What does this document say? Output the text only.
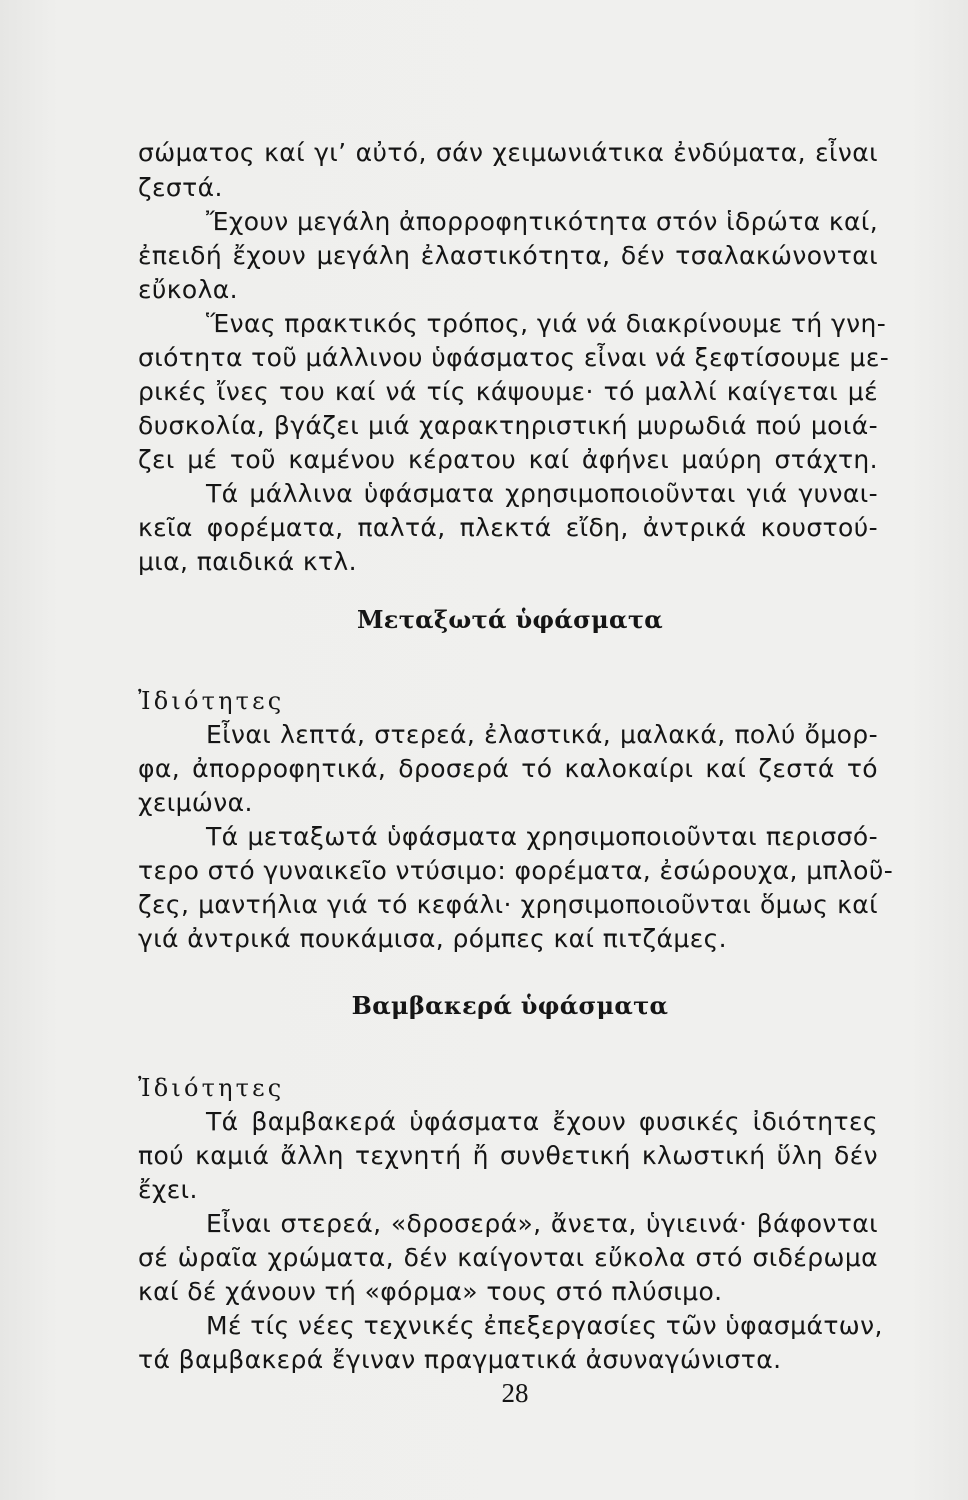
σώματος καί γι’ αὐτό, σάν χειμωνιάτικα ἐνδύματα, εἶναι
ζεστά.
Ἔχουν μεγάλη ἀπορροφητικότητα στόν ἱδρώτα καί,
ἐπειδή ἔχουν μεγάλη ἐλαστικότητα, δέν τσαλακώνονται
εὔκολα.
Ἕνας πρακτικός τρόπος, γιά νά διακρίνουμε τή γνη-
σιότητα τοῦ μάλλινου ὑφάσματος εἶναι νά ξεφτίσουμε με-
ρικές ἴνες του καί νά τίς κάψουμε· τό μαλλί καίγεται μέ
δυσκολία, βγάζει μιά χαρακτηριστική μυρωδιά πού μοιά-
ζει μέ τοῦ καμένου κέρατου καί ἀφήνει μαύρη στάχτη.
Τά μάλλινα ὑφάσματα χρησιμοποιοῦνται γιά γυναι-
κεῖα φορέματα, παλτά, πλεκτά εἴδη, ἀντρικά κουστού-
μια, παιδικά κτλ.
Μεταξωτά ὑφάσματα
Ἰδιότητες
Εἶναι λεπτά, στερεά, ἐλαστικά, μαλακά, πολύ ὄμορ-
φα, ἀπορροφητικά, δροσερά τό καλοκαίρι καί ζεστά τό
χειμώνα.
Τά μεταξωτά ὑφάσματα χρησιμοποιοῦνται περισσό-
τερο στό γυναικεῖο ντύσιμο: φορέματα, ἐσώρουχα, μπλοῦ-
ζες, μαντήλια γιά τό κεφάλι· χρησιμοποιοῦνται ὅμως καί
γιά ἀντρικά πουκάμισα, ρόμπες καί πιτζάμες.
Βαμβακερά ὑφάσματα
Ἰδιότητες
Τά βαμβακερά ὑφάσματα ἔχουν φυσικές ἰδιότητες
πού καμιά ἄλλη τεχνητή ἤ συνθετική κλωστική ὕλη δέν
ἔχει.
Εἶναι στερεά, «δροσερά», ἄνετα, ὑγιεινά· βάφονται
σέ ὡραῖα χρώματα, δέν καίγονται εὔκολα στό σιδέρωμα
καί δέ χάνουν τή «φόρμα» τους στό πλύσιμο.
Μέ τίς νέες τεχνικές ἐπεξεργασίες τῶν ὑφασμάτων,
τά βαμβακερά ἔγιναν πραγματικά ἀσυναγώνιστα.
28
